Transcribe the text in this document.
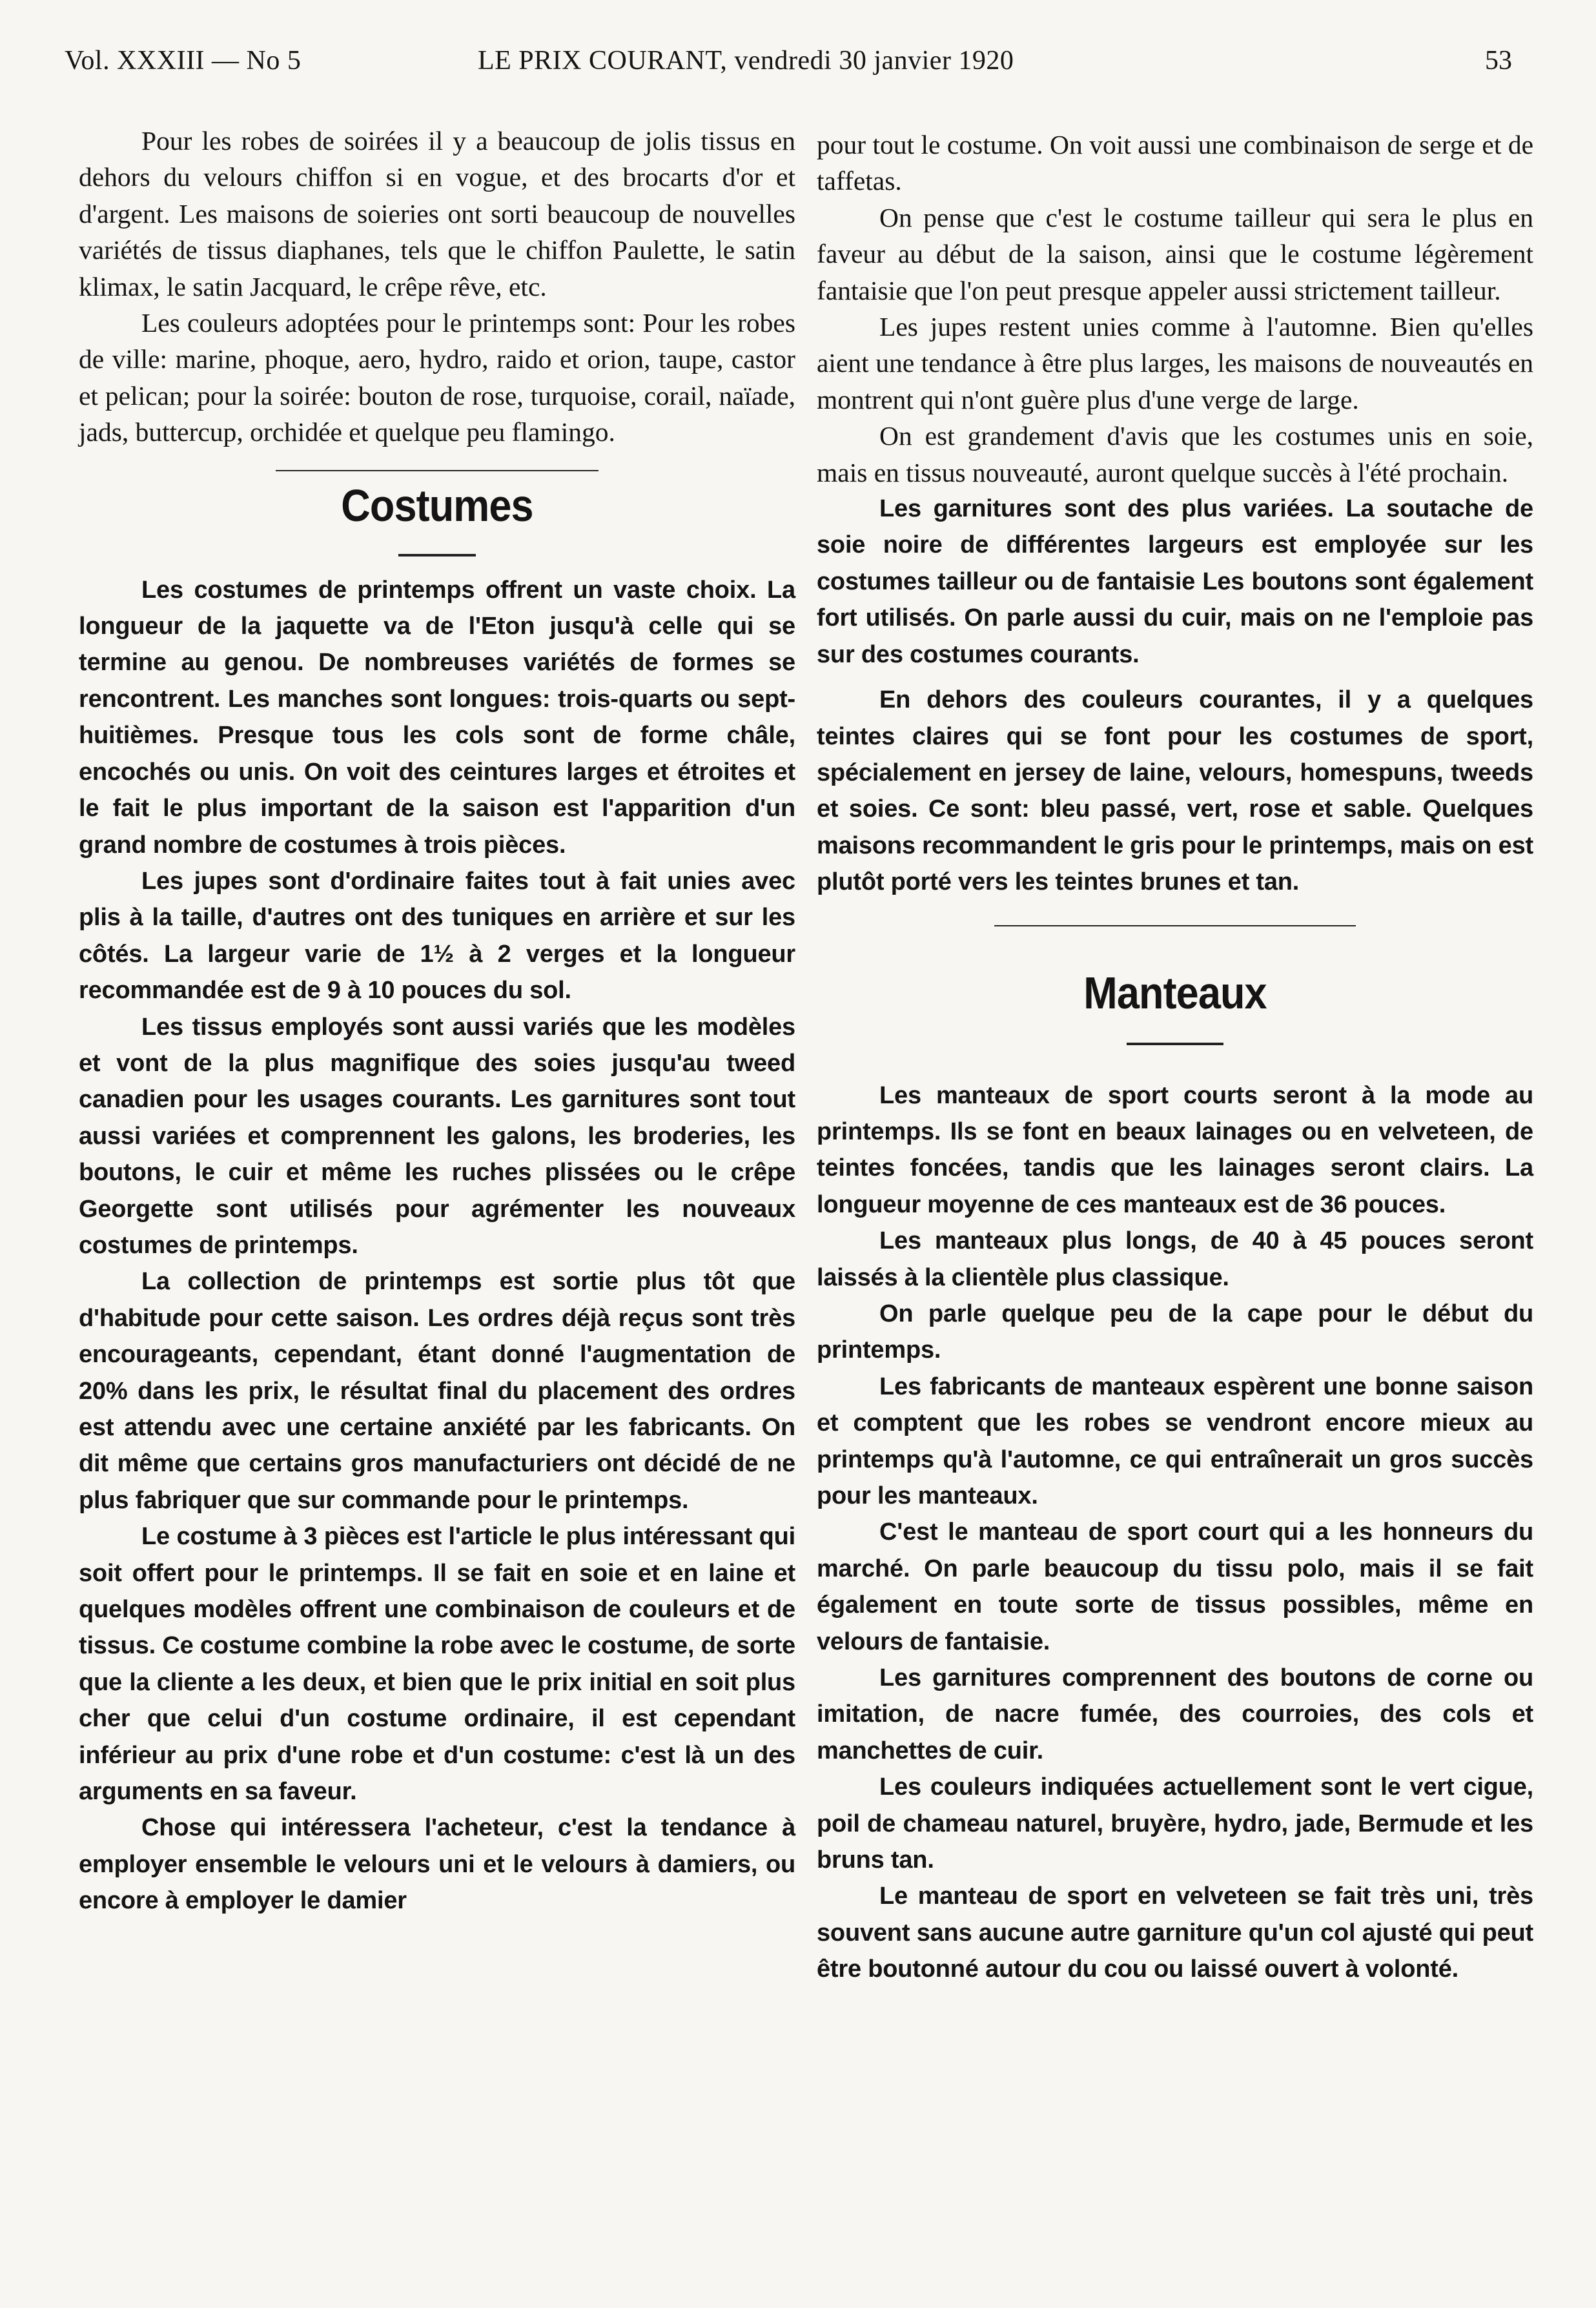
Vol. XXXIII — No 5	LE PRIX COURANT, vendredi 30 janvier 1920	53

Pour les robes de soirées il y a beaucoup de jolis tissus en dehors du velours chiffon si en vogue, et des brocarts d'or et d'argent. Les maisons de soieries ont sorti beaucoup de nouvelles variétés de tissus diaphanes, tels que le chiffon Paulette, le satin klimax, le satin Jacquard, le crêpe rêve, etc.

Les couleurs adoptées pour le printemps sont: Pour les robes de ville: marine, phoque, aero, hydro, raido et orion, taupe, castor et pelican; pour la soirée: bouton de rose, turquoise, corail, naïade, jads, buttercup, orchidée et quelque peu flamingo.

Costumes

Les costumes de printemps offrent un vaste choix. La longueur de la jaquette va de l'Eton jusqu'à celle qui se termine au genou. De nombreuses variétés de formes se rencontrent. Les manches sont longues: trois-quarts ou sept-huitièmes. Presque tous les cols sont de forme châle, encochés ou unis. On voit des ceintures larges et étroites et le fait le plus important de la saison est l'apparition d'un grand nombre de costumes à trois pièces.

Les jupes sont d'ordinaire faites tout à fait unies avec plis à la taille, d'autres ont des tuniques en arrière et sur les côtés. La largeur varie de 1½ à 2 verges et la longueur recommandée est de 9 à 10 pouces du sol.

Les tissus employés sont aussi variés que les modèles et vont de la plus magnifique des soies jusqu'au tweed canadien pour les usages courants. Les garnitures sont tout aussi variées et comprennent les galons, les broderies, les boutons, le cuir et même les ruches plissées ou le crêpe Georgette sont utilisés pour agrémenter les nouveaux costumes de printemps.

La collection de printemps est sortie plus tôt que d'habitude pour cette saison. Les ordres déjà reçus sont très encourageants, cependant, étant donné l'augmentation de 20% dans les prix, le résultat final du placement des ordres est attendu avec une certaine anxiété par les fabricants. On dit même que certains gros manufacturiers ont décidé de ne plus fabriquer que sur commande pour le printemps.

Le costume à 3 pièces est l'article le plus intéressant qui soit offert pour le printemps. Il se fait en soie et en laine et quelques modèles offrent une combinaison de couleurs et de tissus. Ce costume combine la robe avec le costume, de sorte que la cliente a les deux, et bien que le prix initial en soit plus cher que celui d'un costume ordinaire, il est cependant inférieur au prix d'une robe et d'un costume: c'est là un des arguments en sa faveur.

Chose qui intéressera l'acheteur, c'est la tendance à employer ensemble le velours uni et le velours à damiers, ou encore à employer le damier

pour tout le costume. On voit aussi une combinaison de serge et de taffetas.

On pense que c'est le costume tailleur qui sera le plus en faveur au début de la saison, ainsi que le costume légèrement fantaisie que l'on peut presque appeler aussi strictement tailleur.

Les jupes restent unies comme à l'automne. Bien qu'elles aient une tendance à être plus larges, les maisons de nouveautés en montrent qui n'ont guère plus d'une verge de large.

On est grandement d'avis que les costumes unis en soie, mais en tissus nouveauté, auront quelque succès à l'été prochain.

Les garnitures sont des plus variées. La soutache de soie noire de différentes largeurs est employée sur les costumes tailleur ou de fantaisie Les boutons sont également fort utilisés. On parle aussi du cuir, mais on ne l'emploie pas sur des costumes courants.

En dehors des couleurs courantes, il y a quelques teintes claires qui se font pour les costumes de sport, spécialement en jersey de laine, velours, homespuns, tweeds et soies. Ce sont: bleu passé, vert, rose et sable. Quelques maisons recommandent le gris pour le printemps, mais on est plutôt porté vers les teintes brunes et tan.

Manteaux

Les manteaux de sport courts seront à la mode au printemps. Ils se font en beaux lainages ou en velveteen, de teintes foncées, tandis que les lainages seront clairs. La longueur moyenne de ces manteaux est de 36 pouces.

Les manteaux plus longs, de 40 à 45 pouces seront laissés à la clientèle plus classique.

On parle quelque peu de la cape pour le début du printemps.

Les fabricants de manteaux espèrent une bonne saison et comptent que les robes se vendront encore mieux au printemps qu'à l'automne, ce qui entraînerait un gros succès pour les manteaux.

C'est le manteau de sport court qui a les honneurs du marché. On parle beaucoup du tissu polo, mais il se fait également en toute sorte de tissus possibles, même en velours de fantaisie.

Les garnitures comprennent des boutons de corne ou imitation, de nacre fumée, des courroies, des cols et manchettes de cuir.

Les couleurs indiquées actuellement sont le vert cigue, poil de chameau naturel, bruyère, hydro, jade, Bermude et les bruns tan.

Le manteau de sport en velveteen se fait très uni, très souvent sans aucune autre garniture qu'un col ajusté qui peut être boutonné autour du cou ou laissé ouvert à volonté.
